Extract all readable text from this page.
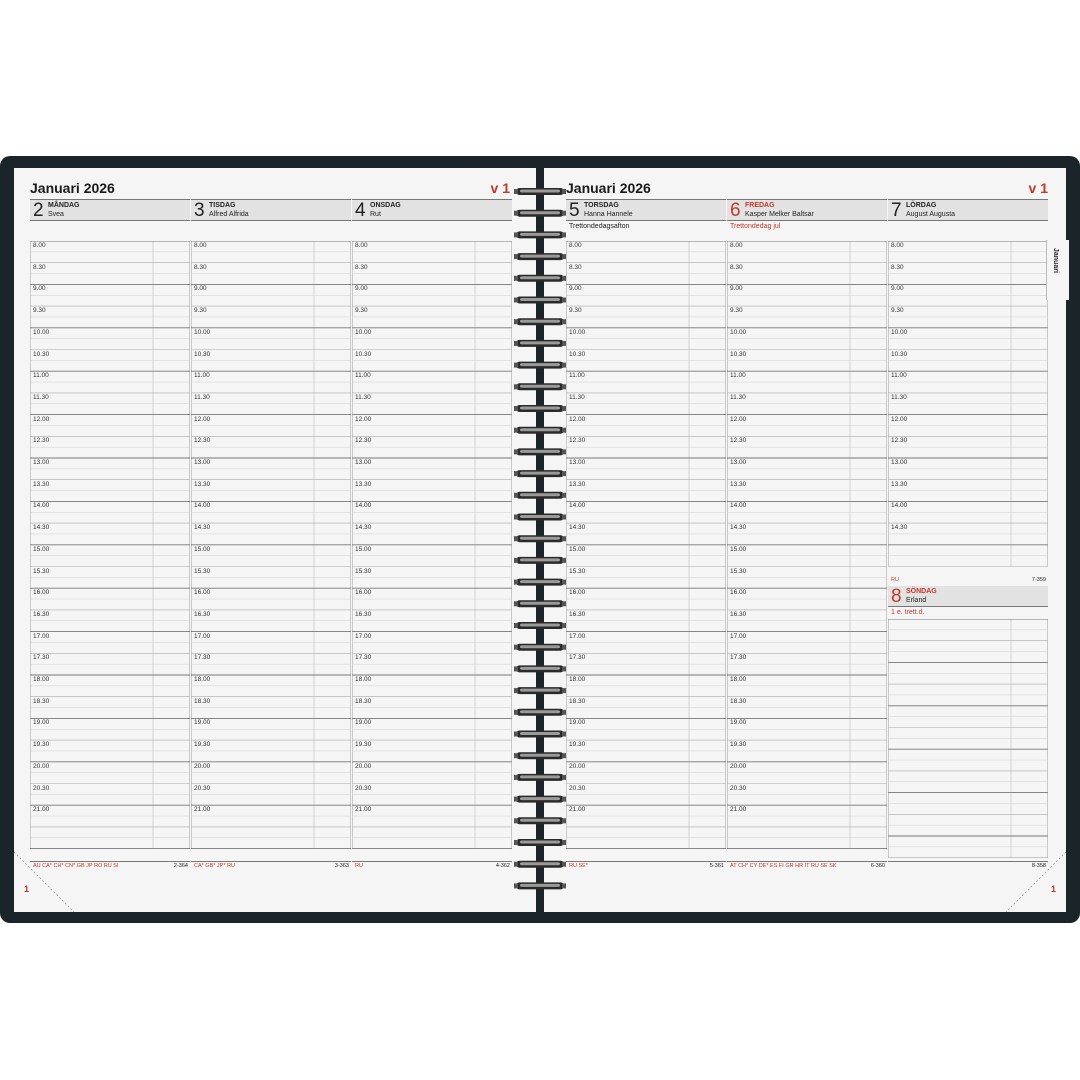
Januari 2026	v 1
2 MÅNDAG
Svea
8.00
8.30
9.00
9.30
10.00
10.30
11.00
11.30
12.00
12.30
13.00
13.30
14.00
14.30
15.00
15.30
16.00
16.30
17.00
17.30
18.00
18.30
19.00
19.30
20.00
20.30
21.00
AU CA* CH* CN* GB JP RO RU SI	2-364
3 TISDAG
Alfred Alfrida
8.00
8.30
9.00
9.30
10.00
10.30
11.00
11.30
12.00
12.30
13.00
13.30
14.00
14.30
15.00
15.30
16.00
16.30
17.00
17.30
18.00
18.30
19.00
19.30
20.00
20.30
21.00
CA* GB* JP* RU	3-363
4 ONSDAG
Rut
8.00
8.30
9.00
9.30
10.00
10.30
11.00
11.30
12.00
12.30
13.00
13.30
14.00
14.30
15.00
15.30
16.00
16.30
17.00
17.30
18.00
18.30
19.00
19.30
20.00
20.30
21.00
RU	4-362
1
Januari 2026	v 1
5 TORSDAG
Hanna Hannele
Trettondedagsafton
8.00
8.30
9.00
9.30
10.00
10.30
11.00
11.30
12.00
12.30
13.00
13.30
14.00
14.30
15.00
15.30
16.00
16.30
17.00
17.30
18.00
18.30
19.00
19.30
20.00
20.30
21.00
RU SE*	5-361
6 FREDAG
Kasper Melker Baltsar
Trettondedag jul
8.00
8.30
9.00
9.30
10.00
10.30
11.00
11.30
12.00
12.30
13.00
13.30
14.00
14.30
15.00
15.30
16.00
16.30
17.00
17.30
18.00
18.30
19.00
19.30
20.00
20.30
21.00
AT CH* CY DE* ES FI GR HR IT RU SE SK	6-360
7 LÖRDAG
August Augusta
8.00
8.30
9.00
9.30
10.00
10.30
11.00
11.30
12.00
12.30
13.00
13.30
14.00
14.30
RU	7-359
8 SÖNDAG
Erland
1 e. trett.d.
8-358
1
Januari
